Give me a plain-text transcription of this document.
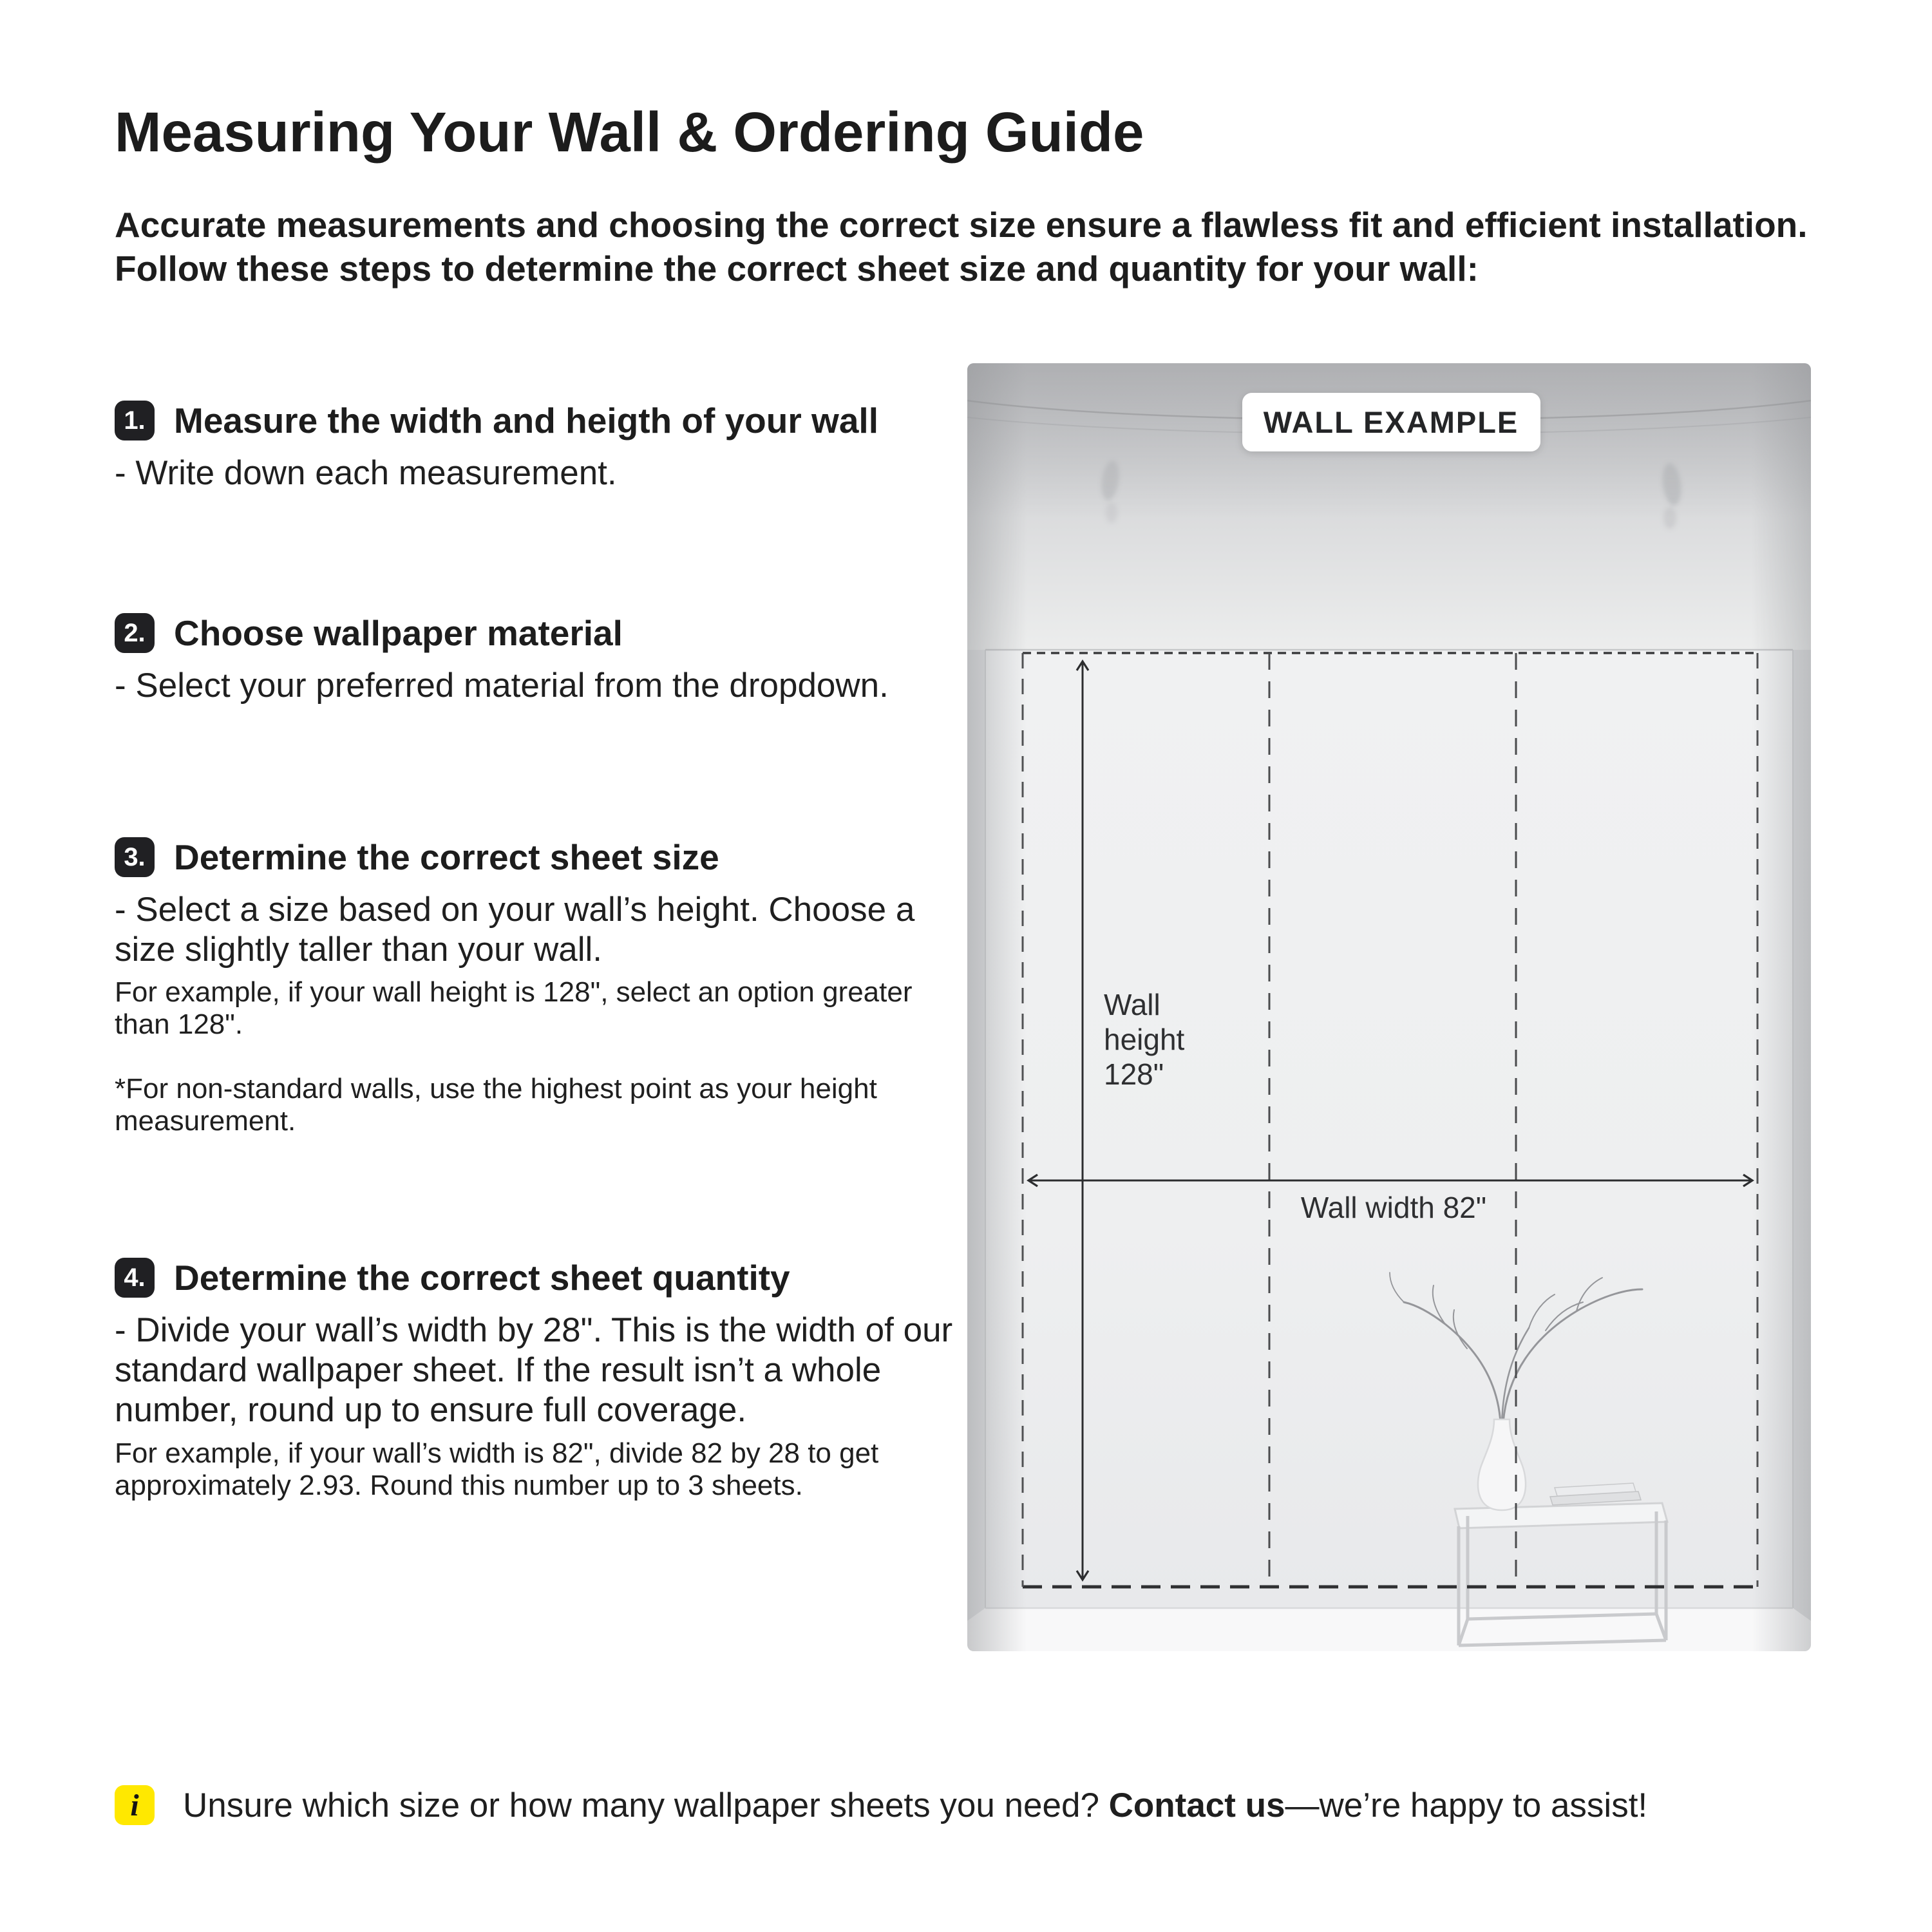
Measuring Your Wall & Ordering Guide
Accurate measurements and choosing the correct size ensure a flawless fit and efficient installation.
Follow these steps to determine the correct sheet size and quantity for your wall:
1. Measure the width and heigth of your wall
- Write down each measurement.
2. Choose wallpaper material
- Select your preferred material from the dropdown.
3. Determine the correct sheet size
- Select a size based on your wall’s height. Choose a
size slightly taller than your wall.
For example, if your wall height is 128", select an option greater
than 128".
*For non-standard walls, use the highest point as your height
measurement.
4. Determine the correct sheet quantity
- Divide your wall’s width by 28". This is the width of our
standard wallpaper sheet. If the result isn’t a whole
number, round up to ensure full coverage.
For example, if your wall’s width is 82", divide 82 by 28 to get
approximately 2.93. Round this number up to 3 sheets.
Wall
height
128"
Wall width 82"
WALL EXAMPLE
i	Unsure which size or how many wallpaper sheets you need? Contact us—we’re happy to assist!
